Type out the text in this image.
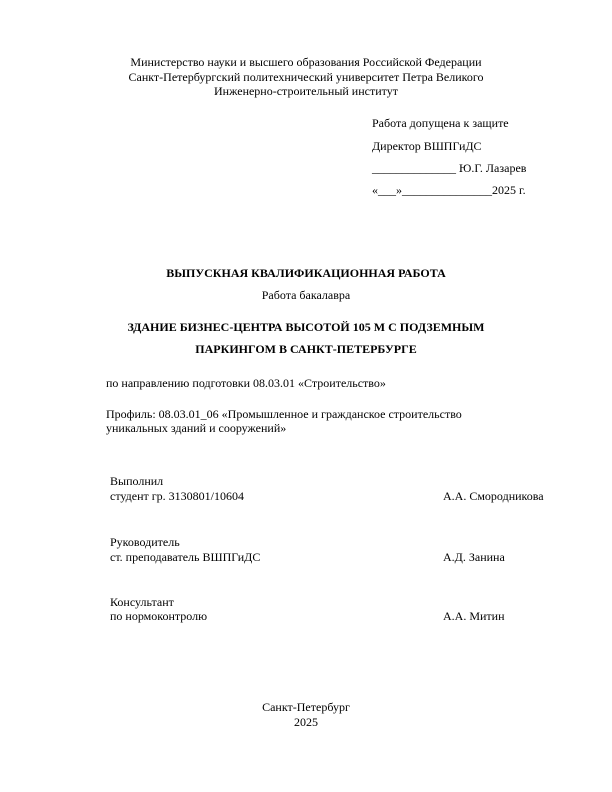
Министерство науки и высшего образования Российской Федерации
Санкт-Петербургский политехнический университет Петра Великого
Инженерно-строительный институт
Работа допущена к защите
Директор ВШПГиДС
______________ Ю.Г. Лазарев
«___»_______________2025 г.
ВЫПУСКНАЯ КВАЛИФИКАЦИОННАЯ РАБОТА
Работа бакалавра
ЗДАНИЕ БИЗНЕС-ЦЕНТРА ВЫСОТОЙ 105 М С ПОДЗЕМНЫМ
ПАРКИНГОМ В САНКТ-ПЕТЕРБУРГЕ
по направлению подготовки 08.03.01 «Строительство»
Профиль: 08.03.01_06 «Промышленное и гражданское строительство
уникальных зданий и сооружений»
Выполнил
студент гр. 3130801/10604	А.А. Смородникова
Руководитель
ст. преподаватель ВШПГиДС	А.Д. Занина
Консультант
по нормоконтролю	А.А. Митин
Санкт-Петербург
2025
